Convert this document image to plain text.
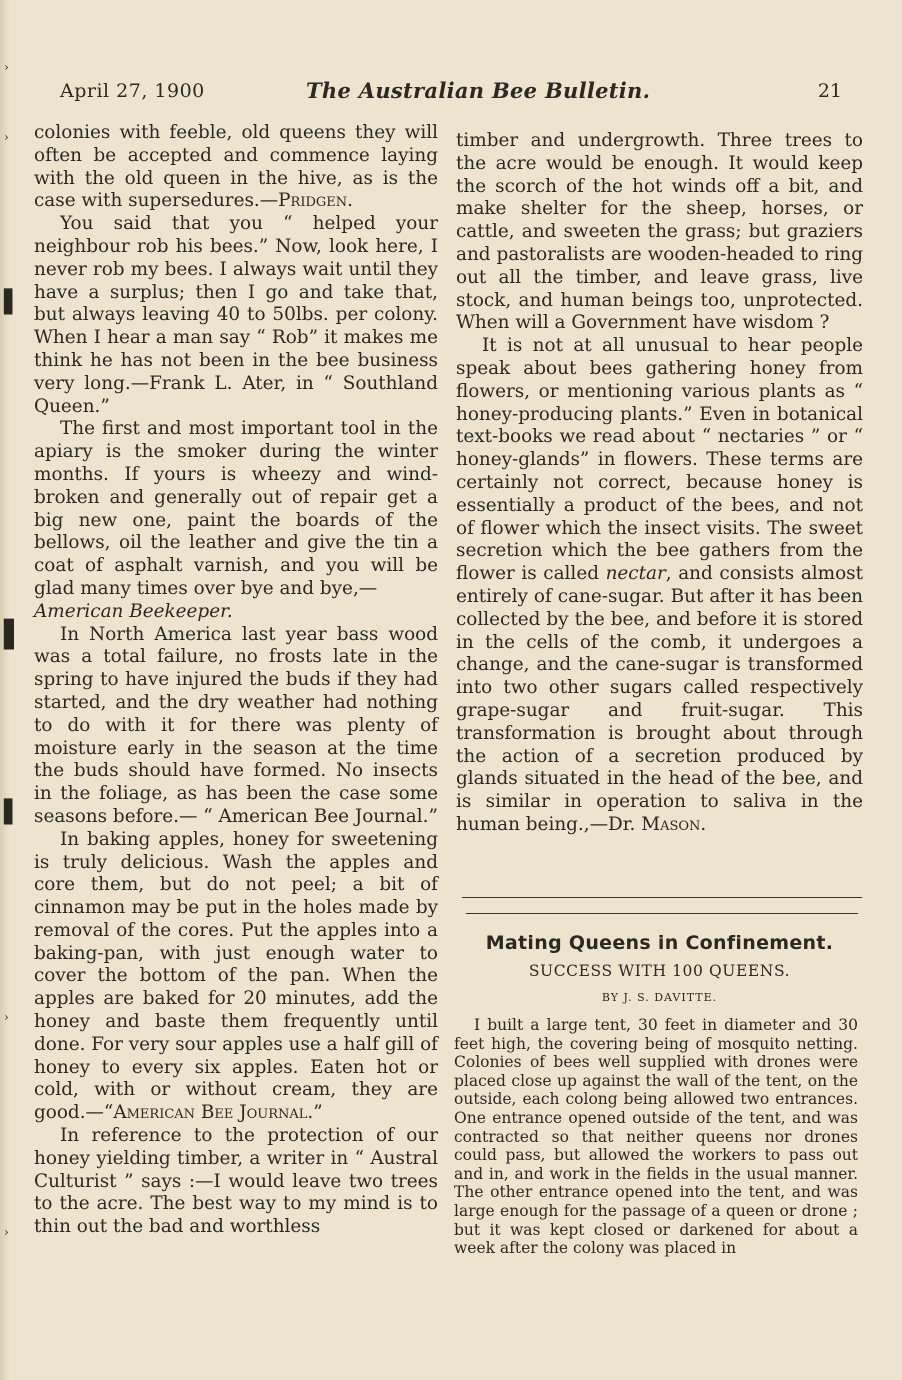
›
›
▌
▌
▌
›
›
April 27, 1900	The Australian Bee Bulletin.	21

colonies with feeble, old queens they will often be accepted and commence laying with the old queen in the hive, as is the case with supersedures.—Pridgen.

You said that you “ helped your neighbour rob his bees.” Now, look here, I never rob my bees. I always wait until they have a surplus; then I go and take that, but always leaving 40 to 50lbs. per colony. When I hear a man say “ Rob” it makes me think he has not been in the bee business very long.—Frank L. Ater, in “ Southland Queen.”

The first and most important tool in the apiary is the smoker during the winter months. If yours is wheezy and wind-broken and generally out of repair get a big new one, paint the boards of the bellows, oil the leather and give the tin a coat of asphalt varnish, and you will be glad many times over bye and bye,—
American Beekeeper.

In North America last year bass wood was a total failure, no frosts late in the spring to have injured the buds if they had started, and the dry weather had nothing to do with it for there was plenty of moisture early in the season at the time the buds should have formed. No insects in the foliage, as has been the case some seasons before.— “ American Bee Journal.”

In baking apples, honey for sweetening is truly delicious. Wash the apples and core them, but do not peel; a bit of cinnamon may be put in the holes made by removal of the cores. Put the apples into a baking-pan, with just enough water to cover the bottom of the pan. When the apples are baked for 20 minutes, add the honey and baste them frequently until done. For very sour apples use a half gill of honey to every six apples. Eaten hot or cold, with or without cream, they are good.—“American Bee Journal.”

In reference to the protection of our honey yielding timber, a writer in “ Austral Culturist ” says :—I would leave two trees to the acre. The best way to my mind is to thin out the bad and worthless

timber and undergrowth. Three trees to the acre would be enough. It would keep the scorch of the hot winds off a bit, and make shelter for the sheep, horses, or cattle, and sweeten the grass; but graziers and pastoralists are wooden-headed to ring out all the timber, and leave grass, live stock, and human beings too, unprotected. When will a Government have wisdom ?

It is not at all unusual to hear people speak about bees gathering honey from flowers, or mentioning various plants as “ honey-producing plants.” Even in botanical text-books we read about “ nectaries ” or “ honey-glands” in flowers. These terms are certainly not correct, because honey is essentially a product of the bees, and not of flower which the insect visits. The sweet secretion which the bee gathers from the flower is called nectar, and consists almost entirely of cane-sugar. But after it has been collected by the bee, and before it is stored in the cells of the comb, it undergoes a change, and the cane-sugar is transformed into two other sugars called respectively grape-sugar and fruit-sugar. This transformation is brought about through the action of a secretion produced by glands situated in the head of the bee, and is similar in operation to saliva in the human being.,—Dr. Mason.

Mating Queens in Confinement.
SUCCESS WITH 100 QUEENS.
BY J. S. DAVITTE.

I built a large tent, 30 feet in diameter and 30 feet high, the covering being of mosquito netting. Colonies of bees well supplied with drones were placed close up against the wall of the tent, on the outside, each colong being allowed two entrances. One entrance opened outside of the tent, and was contracted so that neither queens nor drones could pass, but allowed the workers to pass out and in, and work in the fields in the usual manner. The other entrance opened into the tent, and was large enough for the passage of a queen or drone ; but it was kept closed or darkened for about a week after the colony was placed in
